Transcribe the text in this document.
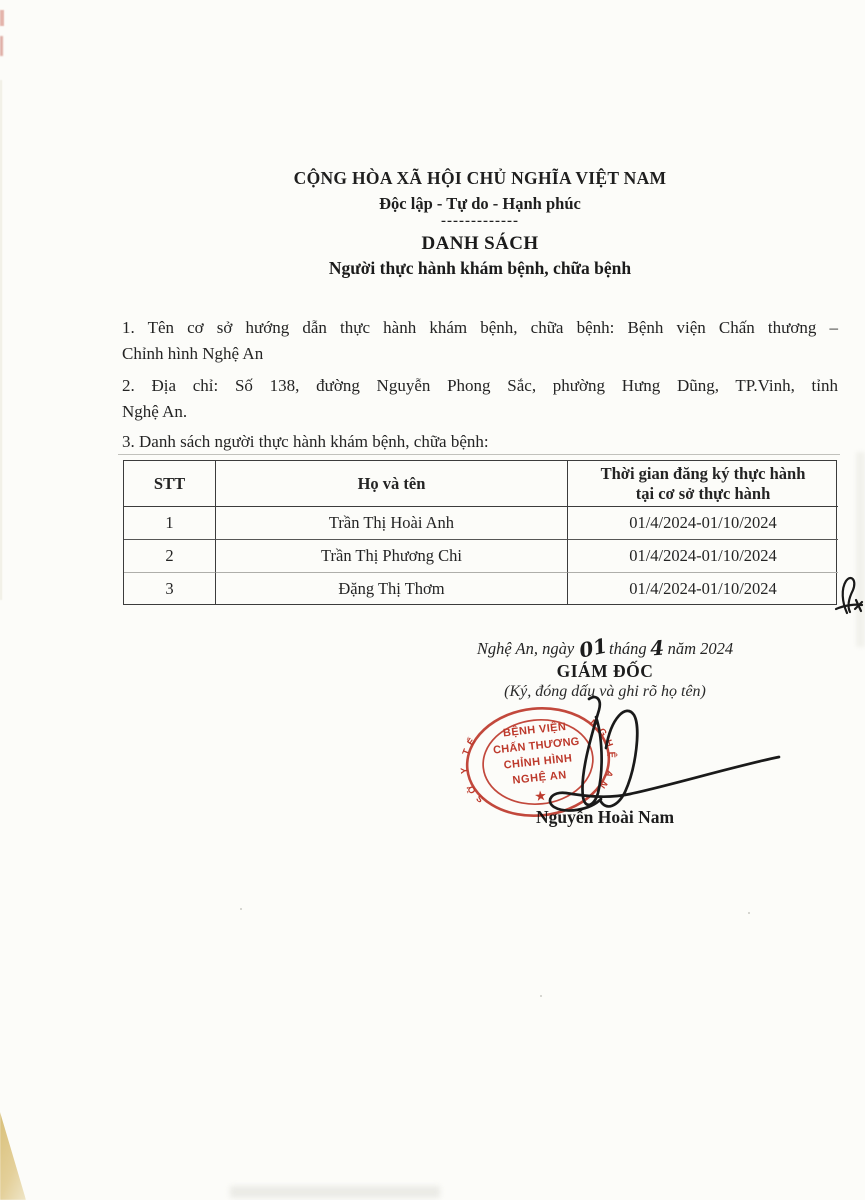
CỘNG HÒA XÃ HỘI CHỦ NGHĨA VIỆT NAM
Độc lập - Tự do - Hạnh phúc
-------------
DANH SÁCH
Người thực hành khám bệnh, chữa bệnh
1. Tên cơ sở hướng dẫn thực hành khám bệnh, chữa bệnh: Bệnh viện Chấn thương –
Chỉnh hình Nghệ An
2. Địa chỉ: Số 138, đường Nguyễn Phong Sắc, phường Hưng Dũng, TP.Vinh, tỉnh
Nghệ An.
3. Danh sách người thực hành khám bệnh, chữa bệnh:
STT	Họ và tên
Thời gian đăng ký thực hành
tại cơ sở thực hành
1	Trần Thị Hoài Anh	01/4/2024-01/10/2024
2	Trần Thị Phương Chi	01/4/2024-01/10/2024
3	Đặng Thị Thơm	01/4/2024-01/10/2024
Nghệ An, ngày 01tháng 4 năm 2024
GIÁM ĐỐC
(Ký, đóng dấu và ghi rõ họ tên)
Nguyễn Hoài Nam
SỞ Y TẾ
NGHỆ AN
BỆNH VIỆN
CHẤN THƯƠNG
CHỈNH HÌNH
NGHỆ AN
★
